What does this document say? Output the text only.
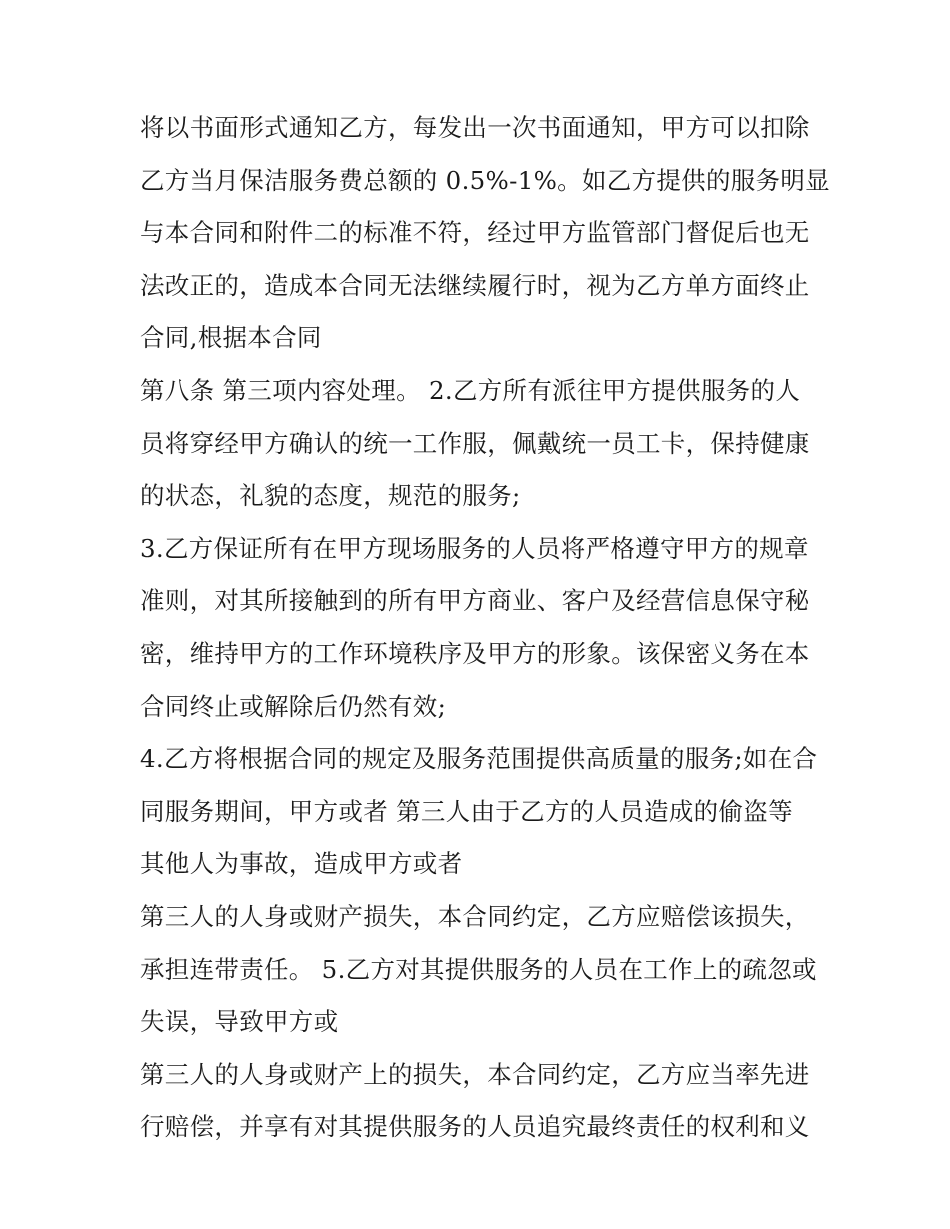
将以书面形式通知乙方，每发出一次书面通知，甲方可以扣除
乙方当月保洁服务费总额的 0.5%-1%。如乙方提供的服务明显
与本合同和附件二的标准不符，经过甲方监管部门督促后也无
法改正的，造成本合同无法继续履行时，视为乙方单方面终止
合同,根据本合同
第八条 第三项内容处理。 2.乙方所有派往甲方提供服务的人
员将穿经甲方确认的统一工作服，佩戴统一员工卡，保持健康
的状态，礼貌的态度，规范的服务;
3.乙方保证所有在甲方现场服务的人员将严格遵守甲方的规章
准则，对其所接触到的所有甲方商业、客户及经营信息保守秘
密，维持甲方的工作环境秩序及甲方的形象。该保密义务在本
合同终止或解除后仍然有效;
4.乙方将根据合同的规定及服务范围提供高质量的服务;如在合
同服务期间，甲方或者 第三人由于乙方的人员造成的偷盗等
其他人为事故，造成甲方或者
第三人的人身或财产损失，本合同约定，乙方应赔偿该损失，
承担连带责任。 5.乙方对其提供服务的人员在工作上的疏忽或
失误，导致甲方或
第三人的人身或财产上的损失，本合同约定，乙方应当率先进
行赔偿，并享有对其提供服务的人员追究最终责任的权利和义
